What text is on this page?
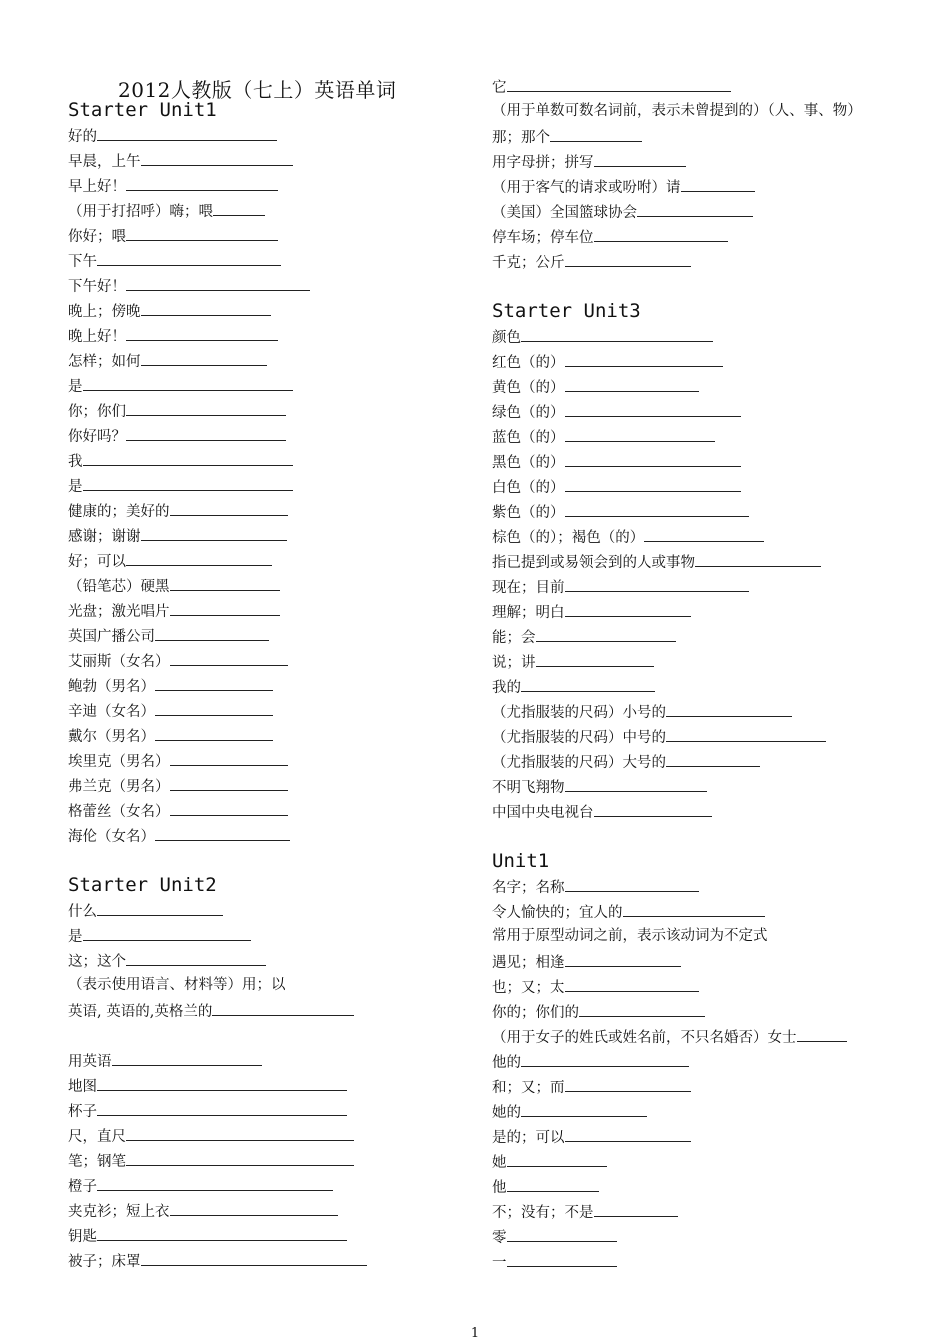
2012人教版（七上）英语单词
Starter Unit1
好的
早晨，上午
早上好！
（用于打招呼）嗨；喂
你好；喂
下午
下午好！
晚上；傍晚
晚上好！
怎样；如何
是
你；你们
你好吗？
我
是
健康的；美好的
感谢；谢谢
好；可以
（铅笔芯）硬黑
光盘；激光唱片
英国广播公司
艾丽斯（女名）
鲍勃（男名）
辛迪（女名）
戴尔（男名）
埃里克（男名）
弗兰克（男名）
格蕾丝（女名）
海伦（女名）
Starter Unit2
什么
是
这；这个
（表示使用语言、材料等）用；以
英语, 英语的,英格兰的
用英语
地图
杯子
尺，直尺
笔；钢笔
橙子
夹克衫；短上衣
钥匙
被子；床罩
它
（用于单数可数名词前，表示未曾提到的）（人、事、物）
那；那个
用字母拼；拼写
（用于客气的请求或吩咐）请
（美国）全国篮球协会
停车场；停车位
千克；公斤
Starter Unit3
颜色
红色（的）
黄色（的）
绿色（的）
蓝色（的）
黑色（的）
白色（的）
紫色（的）
棕色（的）；褐色（的）
指已提到或易领会到的人或事物
现在；目前
理解；明白
能；会
说；讲
我的
（尤指服装的尺码）小号的
（尤指服装的尺码）中号的
（尤指服装的尺码）大号的
不明飞翔物
中国中央电视台
Unit1
名字；名称
令人愉快的；宜人的
常用于原型动词之前，表示该动词为不定式
遇见；相逢
也；又；太
你的；你们的
（用于女子的姓氏或姓名前，不只名婚否）女士
他的
和；又；而
她的
是的；可以
她
他
不；没有；不是
零
一
1
